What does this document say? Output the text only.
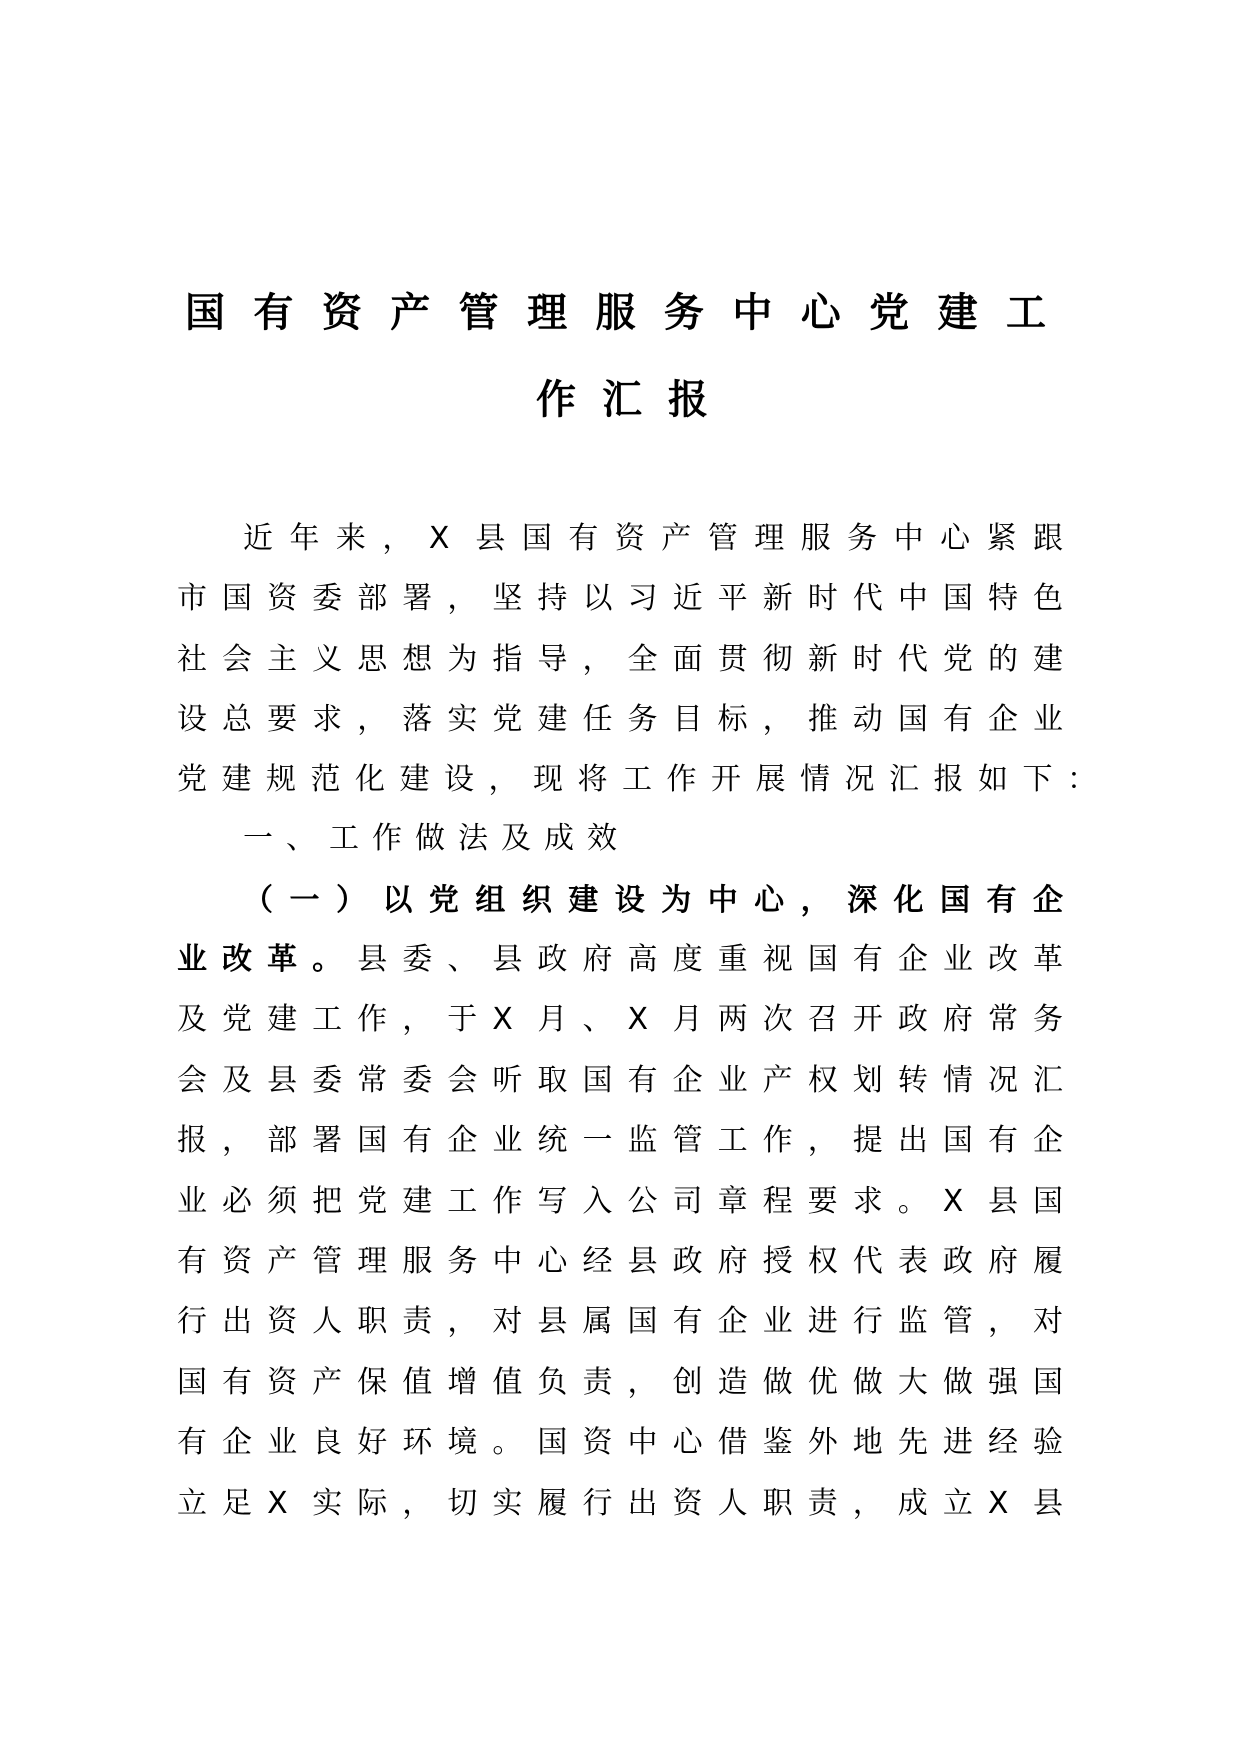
国有资产管理服务中心党建工
作汇报
近年来，X 县国有资产管理服务中心紧跟
市国资委部署，坚持以习近平新时代中国特色
社会主义思想为指导，全面贯彻新时代党的建
设总要求，落实党建任务目标，推动国有企业
党建规范化建设，现将工作开展情况汇报如下：
一、工作做法及成效
（一）以党组织建设为中心，深化国有企
业改革。县委、县政府高度重视国有企业改革
及党建工作，于X 月、X 月两次召开政府常务
会及县委常委会听取国有企业产权划转情况汇
报，部署国有企业统一监管工作，提出国有企
业必须把党建工作写入公司章程要求。X 县国
有资产管理服务中心经县政府授权代表政府履
行出资人职责，对县属国有企业进行监管，对
国有资产保值增值负责，创造做优做大做强国
有企业良好环境。国资中心借鉴外地先进经验
立足X 实际，切实履行出资人职责，成立X 县
